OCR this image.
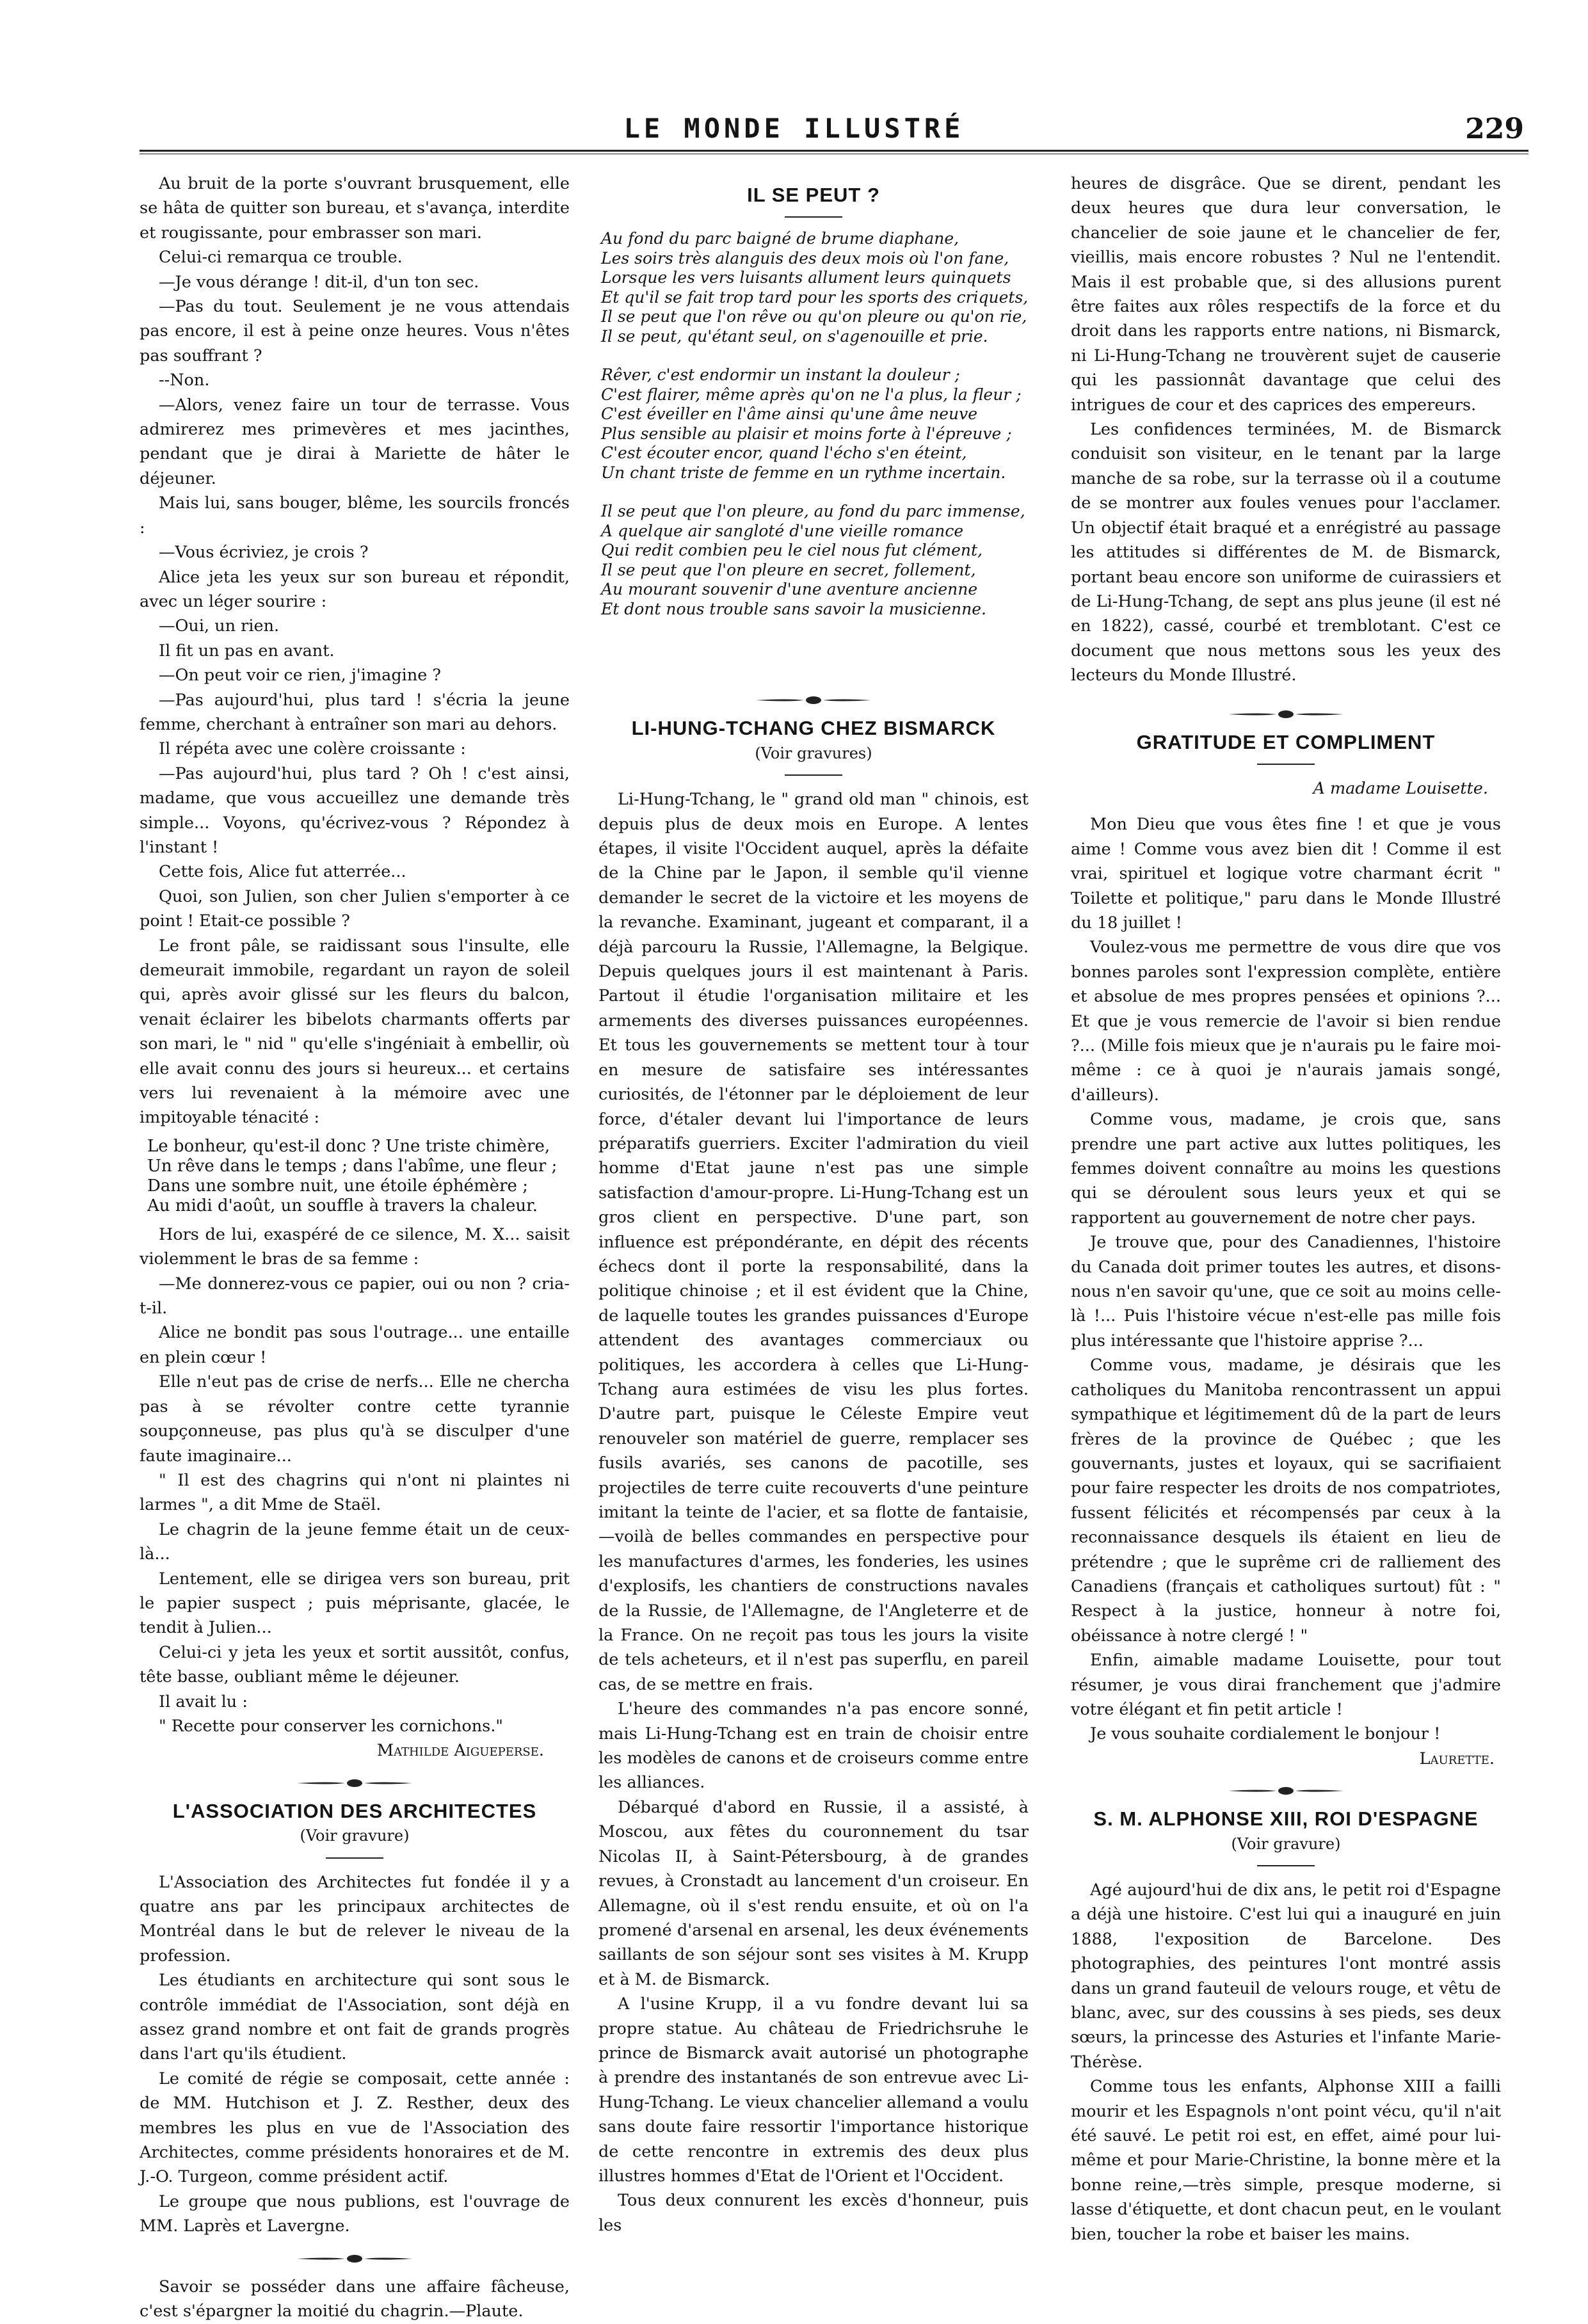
LE MONDE ILLUSTRÉ	229

Au bruit de la porte s'ouvrant brusquement, elle se hâta de quitter son bureau, et s'avança, interdite et rougissante, pour embrasser son mari.

Celui-ci remarqua ce trouble.

—Je vous dérange ! dit-il, d'un ton sec.

—Pas du tout. Seulement je ne vous attendais pas encore, il est à peine onze heures. Vous n'êtes pas souffrant ?

--Non.

—Alors, venez faire un tour de terrasse. Vous admirerez mes primevères et mes jacinthes, pendant que je dirai à Mariette de hâter le déjeuner.

Mais lui, sans bouger, blême, les sourcils froncés :

—Vous écriviez, je crois ?

Alice jeta les yeux sur son bureau et répondit, avec un léger sourire :

—Oui, un rien.

Il fit un pas en avant.

—On peut voir ce rien, j'imagine ?

—Pas aujourd'hui, plus tard ! s'écria la jeune femme, cherchant à entraîner son mari au dehors.

Il répéta avec une colère croissante :

—Pas aujourd'hui, plus tard ? Oh ! c'est ainsi, madame, que vous accueillez une demande très simple... Voyons, qu'écrivez-vous ? Répondez à l'instant !

Cette fois, Alice fut atterrée...

Quoi, son Julien, son cher Julien s'emporter à ce point ! Etait-ce possible ?

Le front pâle, se raidissant sous l'insulte, elle demeurait immobile, regardant un rayon de soleil qui, après avoir glissé sur les fleurs du balcon, venait éclairer les bibelots charmants offerts par son mari, le " nid " qu'elle s'ingéniait à embellir, où elle avait connu des jours si heureux... et certains vers lui revenaient à la mémoire avec une impitoyable ténacité :

Le bonheur, qu'est-il donc ? Une triste chimère,
Un rêve dans le temps ; dans l'abîme, une fleur ;
Dans une sombre nuit, une étoile éphémère ;
Au midi d'août, un souffle à travers la chaleur.

Hors de lui, exaspéré de ce silence, M. X... saisit violemment le bras de sa femme :

—Me donnerez-vous ce papier, oui ou non ? cria-t-il.

Alice ne bondit pas sous l'outrage... une entaille en plein cœur !

Elle n'eut pas de crise de nerfs... Elle ne chercha pas à se révolter contre cette tyrannie soupçonneuse, pas plus qu'à se disculper d'une faute imaginaire...

" Il est des chagrins qui n'ont ni plaintes ni larmes ", a dit Mme de Staël.

Le chagrin de la jeune femme était un de ceux-là...

Lentement, elle se dirigea vers son bureau, prit le papier suspect ; puis méprisante, glacée, le tendit à Julien...

Celui-ci y jeta les yeux et sortit aussitôt, confus, tête basse, oubliant même le déjeuner.

Il avait lu :

" Recette pour conserver les cornichons."

Mathilde Aigueperse.
L'ASSOCIATION DES ARCHITECTES
(Voir gravure)

L'Association des Architectes fut fondée il y a quatre ans par les principaux architectes de Montréal dans le but de relever le niveau de la profession.

Les étudiants en architecture qui sont sous le contrôle immédiat de l'Association, sont déjà en assez grand nombre et ont fait de grands progrès dans l'art qu'ils étudient.

Le comité de régie se composait, cette année : de MM. Hutchison et J. Z. Resther, deux des membres les plus en vue de l'Association des Architectes, comme présidents honoraires et de M. J.-O. Turgeon, comme président actif.

Le groupe que nous publions, est l'ouvrage de MM. Laprès et Lavergne.

Savoir se posséder dans une affaire fâcheuse, c'est s'épargner la moitié du chagrin.—Plaute.

IL SE PEUT ?
Au fond du parc baigné de brume diaphane,
Les soirs très alanguis des deux mois où l'on fane,
Lorsque les vers luisants allument leurs quinquets
Et qu'il se fait trop tard pour les sports des criquets,
Il se peut que l'on rêve ou qu'on pleure ou qu'on rie,
Il se peut, qu'étant seul, on s'agenouille et prie.
Rêver, c'est endormir un instant la douleur ;
C'est flairer, même après qu'on ne l'a plus, la fleur ;
C'est éveiller en l'âme ainsi qu'une âme neuve
Plus sensible au plaisir et moins forte à l'épreuve ;
C'est écouter encor, quand l'écho s'en éteint,
Un chant triste de femme en un rythme incertain.
Il se peut que l'on pleure, au fond du parc immense,
A quelque air sangloté d'une vieille romance
Qui redit combien peu le ciel nous fut clément,
Il se peut que l'on pleure en secret, follement,
Au mourant souvenir d'une aventure ancienne
Et dont nous trouble sans savoir la musicienne.
LI-HUNG-TCHANG CHEZ BISMARCK
(Voir gravures)

Li-Hung-Tchang, le " grand old man " chinois, est depuis plus de deux mois en Europe. A lentes étapes, il visite l'Occident auquel, après la défaite de la Chine par le Japon, il semble qu'il vienne demander le secret de la victoire et les moyens de la revanche. Examinant, jugeant et comparant, il a déjà parcouru la Russie, l'Allemagne, la Belgique. Depuis quelques jours il est maintenant à Paris. Partout il étudie l'organisation militaire et les armements des diverses puissances européennes. Et tous les gouvernements se mettent tour à tour en mesure de satisfaire ses intéressantes curiosités, de l'étonner par le déploiement de leur force, d'étaler devant lui l'importance de leurs préparatifs guerriers. Exciter l'admiration du vieil homme d'Etat jaune n'est pas une simple satisfaction d'amour-propre. Li-Hung-Tchang est un gros client en perspective. D'une part, son influence est prépondérante, en dépit des récents échecs dont il porte la responsabilité, dans la politique chinoise ; et il est évident que la Chine, de laquelle toutes les grandes puissances d'Europe attendent des avantages commerciaux ou politiques, les accordera à celles que Li-Hung-Tchang aura estimées de visu les plus fortes. D'autre part, puisque le Céleste Empire veut renouveler son matériel de guerre, remplacer ses fusils avariés, ses canons de pacotille, ses projectiles de terre cuite recouverts d'une peinture imitant la teinte de l'acier, et sa flotte de fantaisie,—voilà de belles commandes en perspective pour les manufactures d'armes, les fonderies, les usines d'explosifs, les chantiers de constructions navales de la Russie, de l'Allemagne, de l'Angleterre et de la France. On ne reçoit pas tous les jours la visite de tels acheteurs, et il n'est pas superflu, en pareil cas, de se mettre en frais.

L'heure des commandes n'a pas encore sonné, mais Li-Hung-Tchang est en train de choisir entre les modèles de canons et de croiseurs comme entre les alliances.

Débarqué d'abord en Russie, il a assisté, à Moscou, aux fêtes du couronnement du tsar Nicolas II, à Saint-Pétersbourg, à de grandes revues, à Cronstadt au lancement d'un croiseur. En Allemagne, où il s'est rendu ensuite, et où on l'a promené d'arsenal en arsenal, les deux événements saillants de son séjour sont ses visites à M. Krupp et à M. de Bismarck.

A l'usine Krupp, il a vu fondre devant lui sa propre statue. Au château de Friedrichsruhe le prince de Bismarck avait autorisé un photographe à prendre des instantanés de son entrevue avec Li-Hung-Tchang. Le vieux chancelier allemand a voulu sans doute faire ressortir l'importance historique de cette rencontre in extremis des deux plus illustres hommes d'Etat de l'Orient et l'Occident.

Tous deux connurent les excès d'honneur, puis les

heures de disgrâce. Que se dirent, pendant les deux heures que dura leur conversation, le chancelier de soie jaune et le chancelier de fer, vieillis, mais encore robustes ? Nul ne l'entendit. Mais il est probable que, si des allusions purent être faites aux rôles respectifs de la force et du droit dans les rapports entre nations, ni Bismarck, ni Li-Hung-Tchang ne trouvèrent sujet de causerie qui les passionnât davantage que celui des intrigues de cour et des caprices des empereurs.

Les confidences terminées, M. de Bismarck conduisit son visiteur, en le tenant par la large manche de sa robe, sur la terrasse où il a coutume de se montrer aux foules venues pour l'acclamer. Un objectif était braqué et a enrégistré au passage les attitudes si différentes de M. de Bismarck, portant beau encore son uniforme de cuirassiers et de Li-Hung-Tchang, de sept ans plus jeune (il est né en 1822), cassé, courbé et tremblotant. C'est ce document que nous mettons sous les yeux des lecteurs du Monde Illustré.

GRATITUDE ET COMPLIMENT
A madame Louisette.

Mon Dieu que vous êtes fine ! et que je vous aime ! Comme vous avez bien dit ! Comme il est vrai, spirituel et logique votre charmant écrit " Toilette et politique," paru dans le Monde Illustré du 18 juillet !

Voulez-vous me permettre de vous dire que vos bonnes paroles sont l'expression complète, entière et absolue de mes propres pensées et opinions ?... Et que je vous remercie de l'avoir si bien rendue ?... (Mille fois mieux que je n'aurais pu le faire moi-même : ce à quoi je n'aurais jamais songé, d'ailleurs).

Comme vous, madame, je crois que, sans prendre une part active aux luttes politiques, les femmes doivent connaître au moins les questions qui se déroulent sous leurs yeux et qui se rapportent au gouvernement de notre cher pays.

Je trouve que, pour des Canadiennes, l'histoire du Canada doit primer toutes les autres, et disons-nous n'en savoir qu'une, que ce soit au moins celle-là !... Puis l'histoire vécue n'est-elle pas mille fois plus intéressante que l'histoire apprise ?...

Comme vous, madame, je désirais que les catholiques du Manitoba rencontrassent un appui sympathique et légitimement dû de la part de leurs frères de la province de Québec ; que les gouvernants, justes et loyaux, qui se sacrifiaient pour faire respecter les droits de nos compatriotes, fussent félicités et récompensés par ceux à la reconnaissance desquels ils étaient en lieu de prétendre ; que le suprême cri de ralliement des Canadiens (français et catholiques surtout) fût : " Respect à la justice, honneur à notre foi, obéissance à notre clergé ! "

Enfin, aimable madame Louisette, pour tout résumer, je vous dirai franchement que j'admire votre élégant et fin petit article !

Je vous souhaite cordialement le bonjour !

Laurette.
S. M. ALPHONSE XIII, ROI D'ESPAGNE
(Voir gravure)

Agé aujourd'hui de dix ans, le petit roi d'Espagne a déjà une histoire. C'est lui qui a inauguré en juin 1888, l'exposition de Barcelone. Des photographies, des peintures l'ont montré assis dans un grand fauteuil de velours rouge, et vêtu de blanc, avec, sur des coussins à ses pieds, ses deux sœurs, la princesse des Asturies et l'infante Marie-Thérèse.

Comme tous les enfants, Alphonse XIII a failli mourir et les Espagnols n'ont point vécu, qu'il n'ait été sauvé. Le petit roi est, en effet, aimé pour lui-même et pour Marie-Christine, la bonne mère et la bonne reine,—très simple, presque moderne, si lasse d'étiquette, et dont chacun peut, en le voulant bien, toucher la robe et baiser les mains.
